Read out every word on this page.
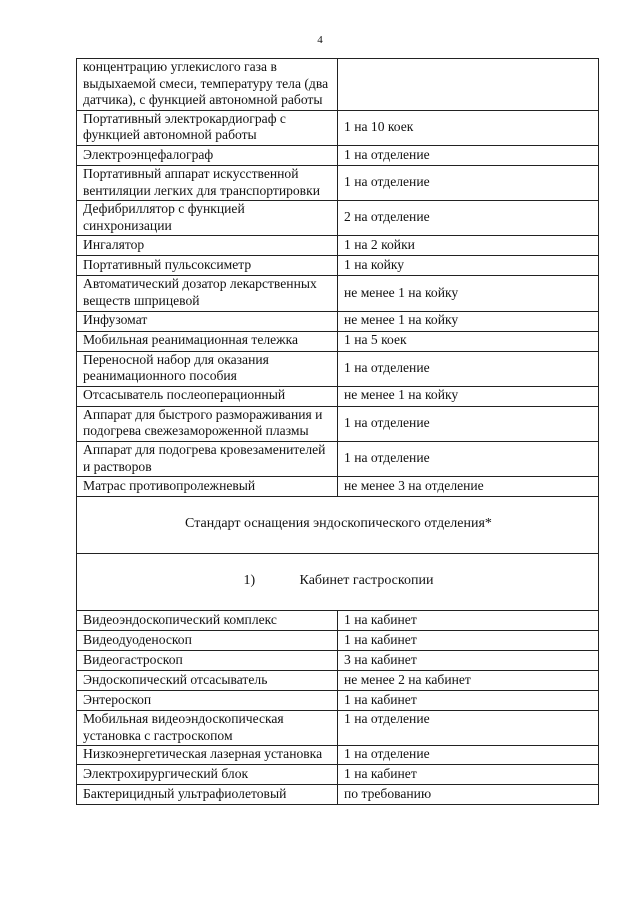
4
концентрацию углекислого газа в выдыхаемой смеси, температуру тела (два датчика), с функцией автономной работы	
Портативный электрокардиограф с функцией автономной работы	1 на 10 коек
Электроэнцефалограф	1 на отделение
Портативный аппарат искусственной вентиляции легких для транспортировки	1 на отделение
Дефибриллятор с функцией синхронизации	2 на отделение
Ингалятор	1 на 2 койки
Портативный пульсоксиметр	1 на койку
Автоматический дозатор лекарственных веществ шприцевой	не менее 1 на койку
Инфузомат	не менее 1 на койку
Мобильная реанимационная тележка	1 на 5 коек
Переносной набор для оказания реанимационного пособия	1 на отделение
Отсасыватель послеоперационный	не менее 1 на койку
Аппарат для быстрого размораживания и подогрева свежезамороженной плазмы	1 на отделение
Аппарат для подогрева кровезаменителей и растворов	1 на отделение
Матрас противопролежневый	не менее 3 на отделение
Стандарт оснащения эндоскопического отделения*	
1) Кабинет гастроскопии	
Видеоэндоскопический комплекс	1 на кабинет
Видеодуоденоскоп	1 на кабинет
Видеогастроскоп	3 на кабинет
Эндоскопический отсасыватель	не менее 2 на кабинет
Энтероскоп	1 на кабинет
Мобильная видеоэндоскопическая установка с гастроскопом	1 на отделение
Низкоэнергетическая лазерная установка	1 на отделение
Электрохирургический блок	1 на кабинет
Бактерицидный ультрафиолетовый	по требованию
